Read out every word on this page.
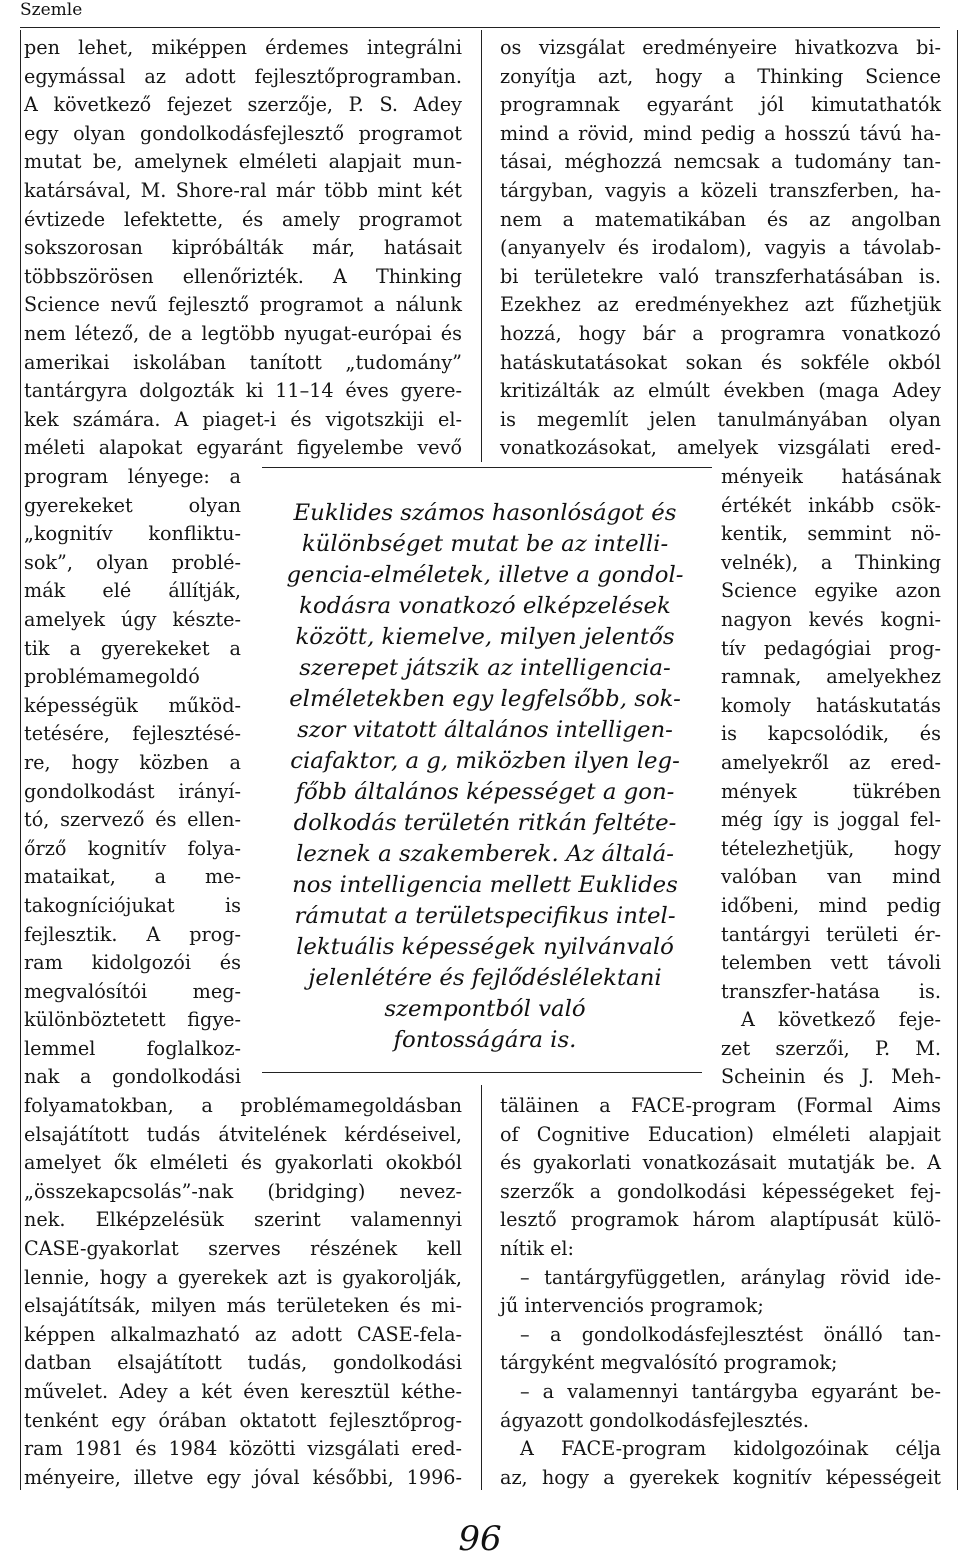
Szemle
pen lehet, miképpen érdemes integrálni
egymással az adott fejlesztőprogramban.
A következő fejezet szerzője, P. S. Adey
egy olyan gondolkodásfejlesztő programot
mutat be, amelynek elméleti alapjait mun-
katársával, M. Shore-ral már több mint két
évtizede lefektette, és amely programot
sokszorosan kipróbálták már, hatásait
többszörösen ellenőrizték. A Thinking
Science nevű fejlesztő programot a nálunk
nem létező, de a legtöbb nyugat-európai és
amerikai iskolában tanított „tudomány”
tantárgyra dolgozták ki 11–14 éves gyere-
kek számára. A piaget-i és vigotszkiji el-
méleti alapokat egyaránt figyelembe vevő
program lényege: a
gyerekeket olyan
„kognitív konfliktu-
sok”, olyan problé-
mák elé állítják,
amelyek úgy készte-
tik a gyerekeket a
problémamegoldó
képességük működ-
tetésére, fejlesztésé-
re, hogy közben a
gondolkodást irányí-
tó, szervező és ellen-
őrző kognitív folya-
mataikat, a me-
takogníciójukat is
fejlesztik. A prog-
ram kidolgozói és
megvalósítói meg-
különböztetett figye-
lemmel foglalkoz-
nak a gondolkodási
folyamatokban, a problémamegoldásban
elsajátított tudás átvitelének kérdéseivel,
amelyet ők elméleti és gyakorlati okokból
„összekapcsolás”-nak (bridging) nevez-
nek. Elképzelésük szerint valamennyi
CASE-gyakorlat szerves részének kell
lennie, hogy a gyerekek azt is gyakorolják,
elsajátítsák, milyen más területeken és mi-
képpen alkalmazható az adott CASE-fela-
datban elsajátított tudás, gondolkodási
művelet. Adey a két éven keresztül kéthe-
tenként egy órában oktatott fejlesztőprog-
ram 1981 és 1984 közötti vizsgálati ered-
ményeire, illetve egy jóval későbbi, 1996-
os vizsgálat eredményeire hivatkozva bi-
zonyítja azt, hogy a Thinking Science
programnak egyaránt jól kimutathatók
mind a rövid, mind pedig a hosszú távú ha-
tásai, méghozzá nemcsak a tudomány tan-
tárgyban, vagyis a közeli transzferben, ha-
nem a matematikában és az angolban
(anyanyelv és irodalom), vagyis a távolab-
bi területekre való transzferhatásában is.
Ezekhez az eredményekhez azt fűzhetjük
hozzá, hogy bár a programra vonatkozó
hatáskutatásokat sokan és sokféle okból
kritizálták az elmúlt években (maga Adey
is megemlít jelen tanulmányában olyan
vonatkozásokat, amelyek vizsgálati ered-
ményeik hatásának
értékét inkább csök-
kentik, semmint nö-
velnék), a Thinking
Science egyike azon
nagyon kevés kogni-
tív pedagógiai prog-
ramnak, amelyekhez
komoly hatáskutatás
is kapcsolódik, és
amelyekről az ered-
mények tükrében
még így is joggal fel-
tételezhetjük, hogy
valóban van mind
időbeni, mind pedig
tantárgyi területi ér-
telemben vett távoli
transzfer-hatása is.
A következő feje-
zet szerzői, P. M.
Scheinin és J. Meh-
täläinen a FACE-program (Formal Aims
of Cognitive Education) elméleti alapjait
és gyakorlati vonatkozásait mutatják be. A
szerzők a gondolkodási képességeket fej-
lesztő programok három alaptípusát külö-
nítik el:
– tantárgyfüggetlen, aránylag rövid ide-
jű intervenciós programok;
– a gondolkodásfejlesztést önálló tan-
tárgyként megvalósító programok;
– a valamennyi tantárgyba egyaránt be-
ágyazott gondolkodásfejlesztés.
A FACE-program kidolgozóinak célja
az, hogy a gyerekek kognitív képességeit
Euklides számos hasonlóságot és
különbséget mutat be az intelli-
gencia-elméletek, illetve a gondol-
kodásra vonatkozó elképzelések
között, kiemelve, milyen jelentős
szerepet játszik az intelligencia-
elméletekben egy legfelsőbb, sok-
szor vitatott általános intelligen-
ciafaktor, a g, miközben ilyen leg-
főbb általános képességet a gon-
dolkodás területén ritkán feltéte-
leznek a szakemberek. Az általá-
nos intelligencia mellett Euklides
rámutat a területspecifikus intel-
lektuális képességek nyilvánvaló
jelenlétére és fejlődéslélektani
szempontból való
fontosságára is.
96
